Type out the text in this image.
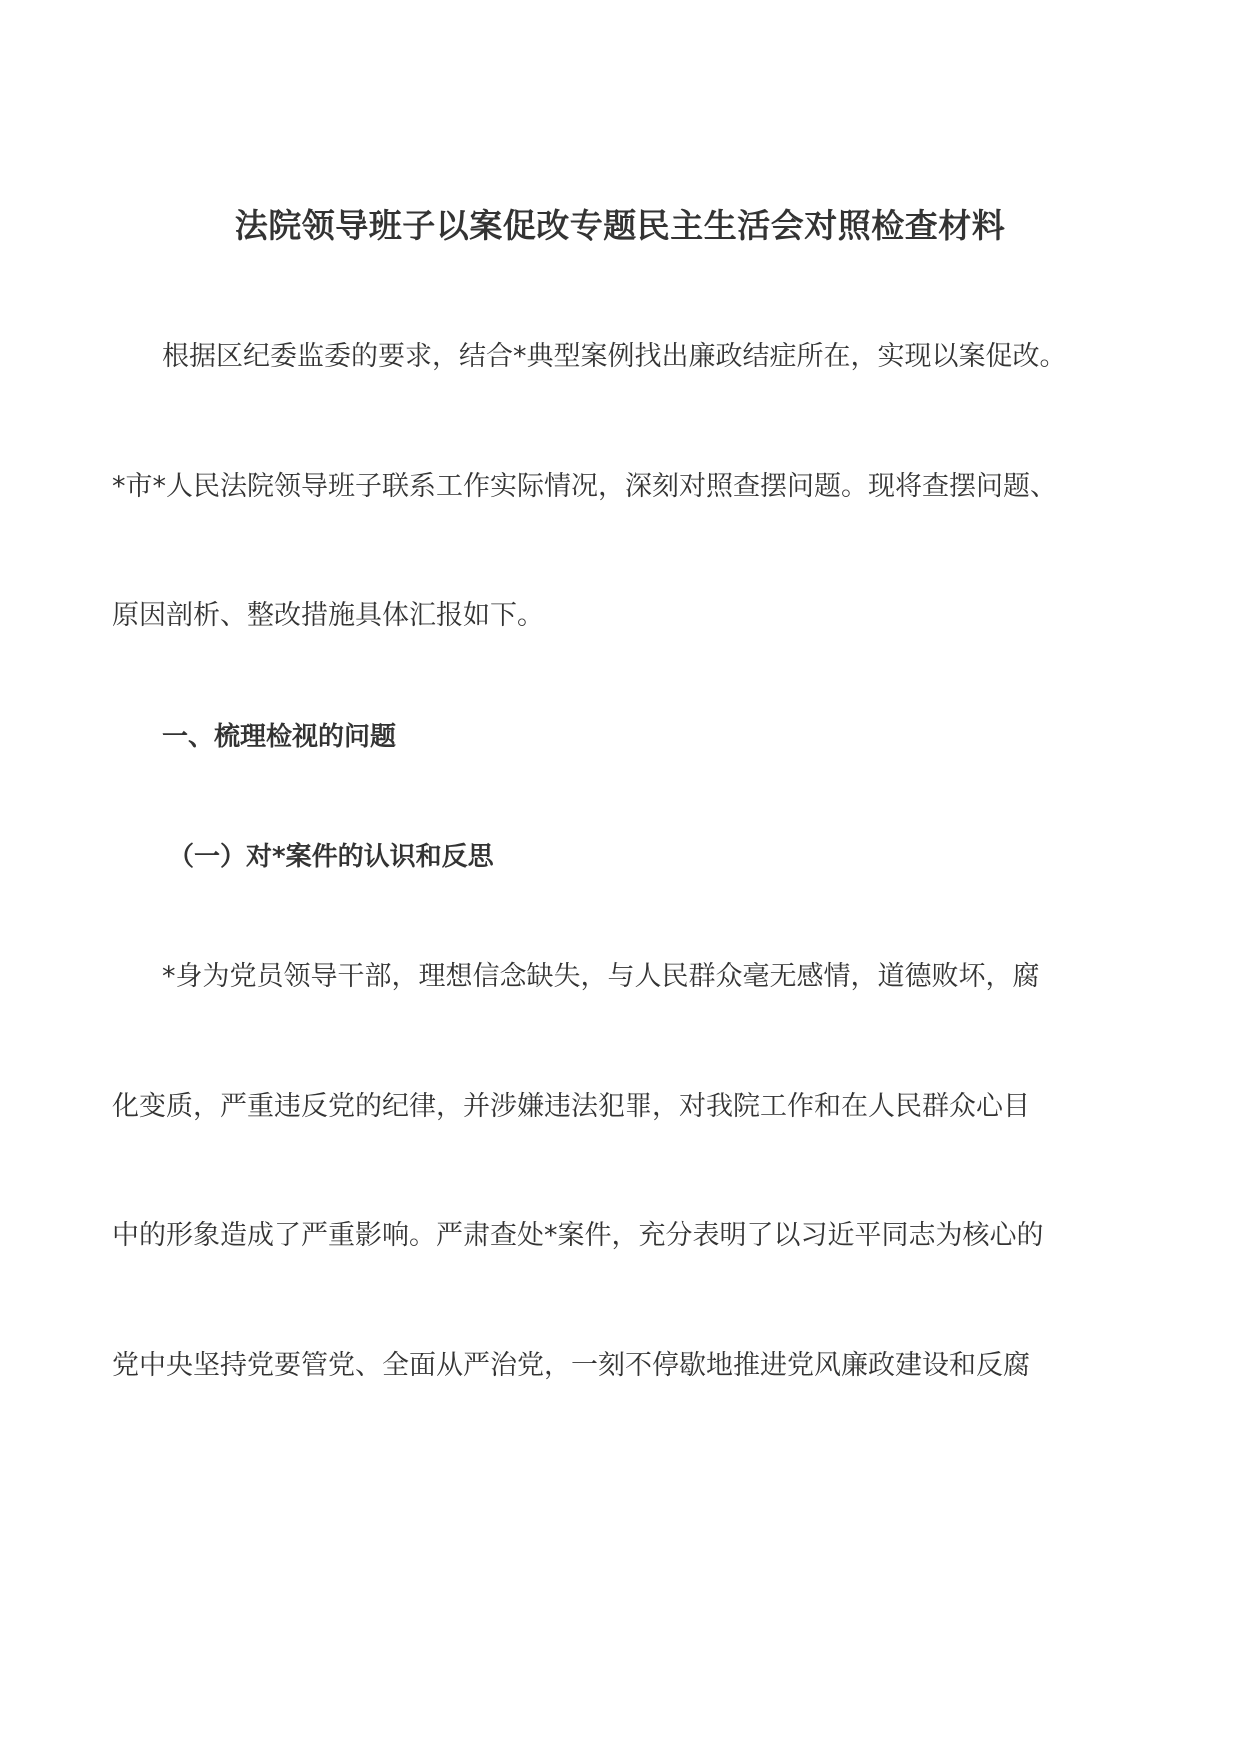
法院领导班子以案促改专题民主生活会对照检查材料

根据区纪委监委的要求，结合*典型案例找出廉政结症所在，实现以案促改。

*市*人民法院领导班子联系工作实际情况，深刻对照查摆问题。现将查摆问题、

原因剖析、整改措施具体汇报如下。

一、梳理检视的问题

（一）对*案件的认识和反思

*身为党员领导干部，理想信念缺失，与人民群众毫无感情，道德败坏，腐

化变质，严重违反党的纪律，并涉嫌违法犯罪，对我院工作和在人民群众心目

中的形象造成了严重影响。严肃查处*案件，充分表明了以习近平同志为核心的

党中央坚持党要管党、全面从严治党，一刻不停歇地推进党风廉政建设和反腐
